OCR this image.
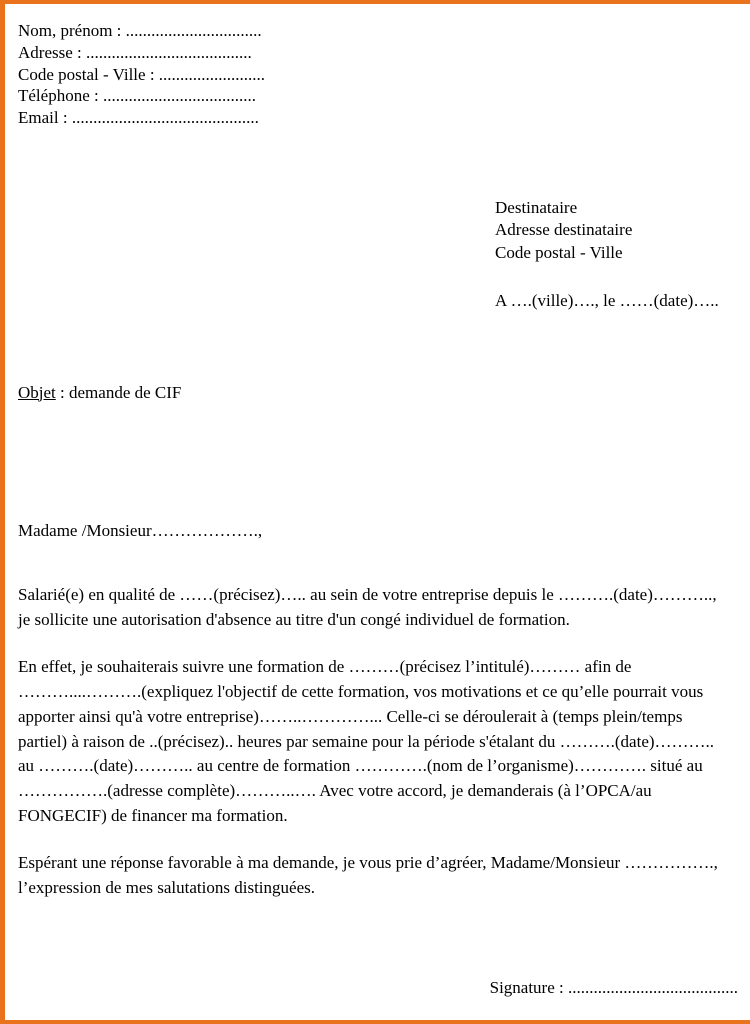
Nom, prénom : ................................
Adresse : .......................................
Code postal - Ville : .........................
Téléphone : ....................................
Email : ............................................
Destinataire
Adresse destinataire
Code postal - Ville
A ….(ville)…., le ……(date)…..
Objet : demande de CIF
Madame /Monsieur……………….,

Salarié(e) en qualité de ……(précisez)….. au sein de votre entreprise depuis le ……….(date)……….., je sollicite une autorisation d'absence au titre d'un congé individuel de formation.

En effet, je souhaiterais suivre une formation de ………(précisez l’intitulé)……… afin de ………....……….(expliquez l'objectif de cette formation, vos motivations et ce qu’elle pourrait vous apporter ainsi qu'à votre entreprise)……..…………... Celle-ci se déroulerait à (temps plein/temps partiel) à raison de ..(précisez).. heures par semaine pour la période s'étalant du ……….(date)……….. au ……….(date)……….. au centre de formation ………….(nom de l’organisme)…………. situé au …………….(adresse complète)………..…. Avec votre accord, je demanderais (à l’OPCA/au FONGECIF) de financer ma formation.

Espérant une réponse favorable à ma demande, je vous prie d’agréer, Madame/Monsieur ……………., l’expression de mes salutations distinguées.

Signature : ........................................
